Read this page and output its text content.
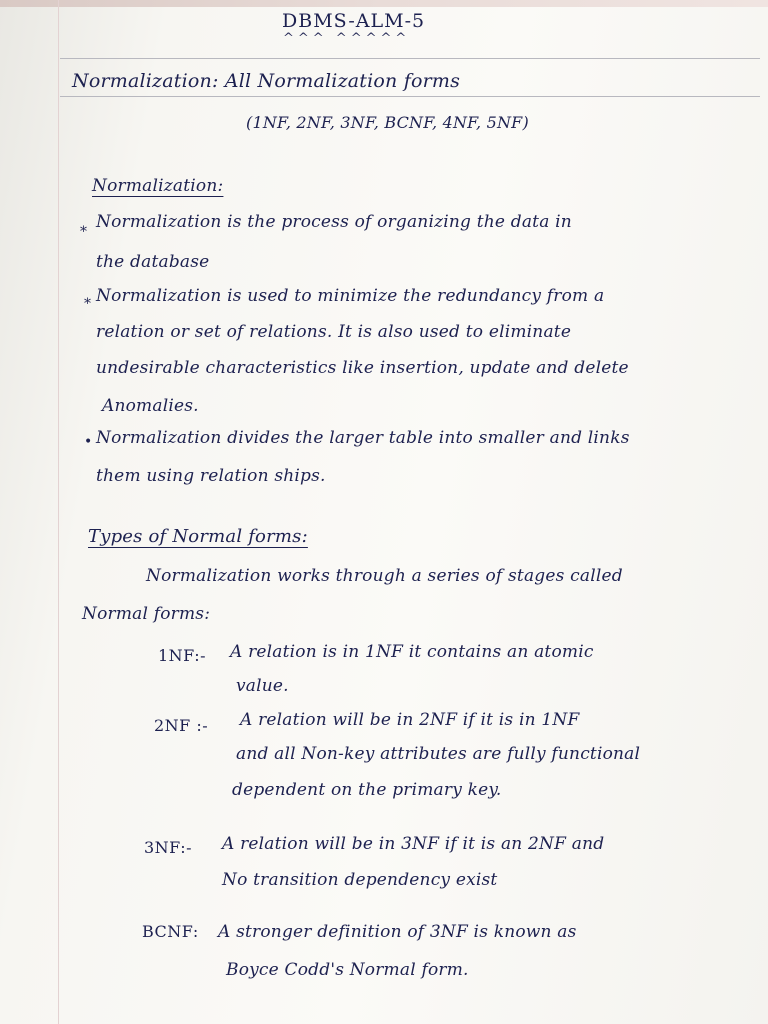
DBMS-ALM-5
^^^ ^^^^^
Normalization: All Normalization forms
(1NF, 2NF, 3NF, BCNF, 4NF, 5NF)
Normalization:
* Normalization is the process of organizing the data in
the database
* Normalization is used to minimize the redundancy from a
relation or set of relations. It is also used to eliminate
undesirable characteristics like insertion, update and delete
Anomalies.
• Normalization divides the larger table into smaller and links
them using relation ships.
Types of Normal forms:
Normalization works through a series of stages called
Normal forms:
1NF:- A relation is in 1NF it contains an atomic
value.
2NF :- A relation will be in 2NF if it is in 1NF
and all Non-key attributes are fully functional
dependent on the primary key.
3NF:- A relation will be in 3NF if it is an 2NF and
No transition dependency exist
BCNF: A stronger definition of 3NF is known as
Boyce Codd's Normal form.
